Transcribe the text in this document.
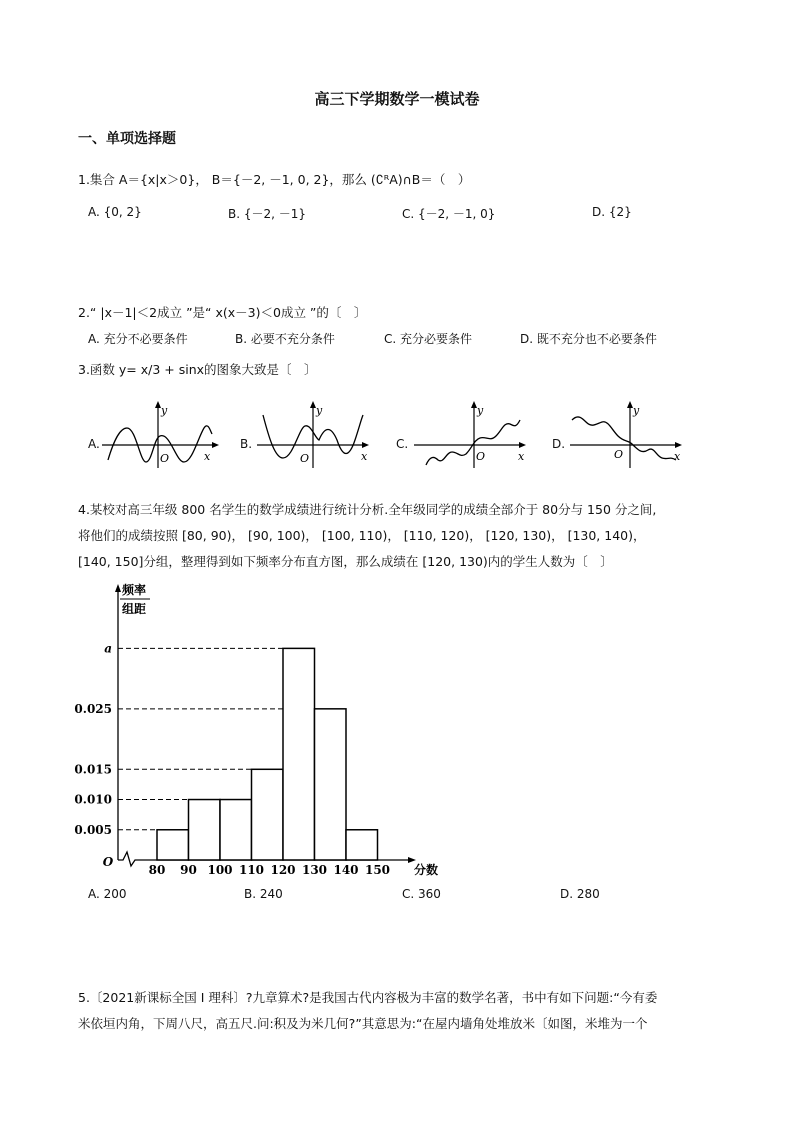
高三下学期数学一模试卷
一、单项选择题
1.集合 A＝{x|x＞0}， B＝{－2, －1, 0, 2}，那么 (∁ᴿA)∩B＝（　）
A. {0, 2}	B. {－2, －1}	C. {－2, －1, 0}	D. {2}
2.“ |x－1|＜2成立 ”是“ x(x－3)＜0成立 ”的〔　〕
A. 充分不必要条件	B. 必要不充分条件	C. 充分必要条件	D. 既不充分也不必要条件
3.函数 y= x/3 + sinx的图象大致是〔　〕
A.	B.	C.	D.
y
x
O
y
x
O
y
x
O
y
x
O
4.某校对高三年级 800 名学生的数学成绩进行统计分析.全年级同学的成绩全部介于 80分与 150 分之间,
将他们的成绩按照 [80, 90)， [90, 100)， [100, 110)， [110, 120)， [120, 130)， [130, 140)，
[140, 150]分组，整理得到如下频率分布直方图，那么成绩在 [120, 130)内的学生人数为〔　〕
频率
组距
分数
O
0.005
0.010
0.015
0.025
a
80 90 100 110 120 130 140 150
A. 200	B. 240	C. 360	D. 280
5.〔2021新课标全国 I 理科〕?九章算术?是我国古代内容极为丰富的数学名著，书中有如下问题:“今有委
米依垣内角，下周八尺，高五尺.问:积及为米几何?”其意思为:“在屋内墙角处堆放米〔如图，米堆为一个
